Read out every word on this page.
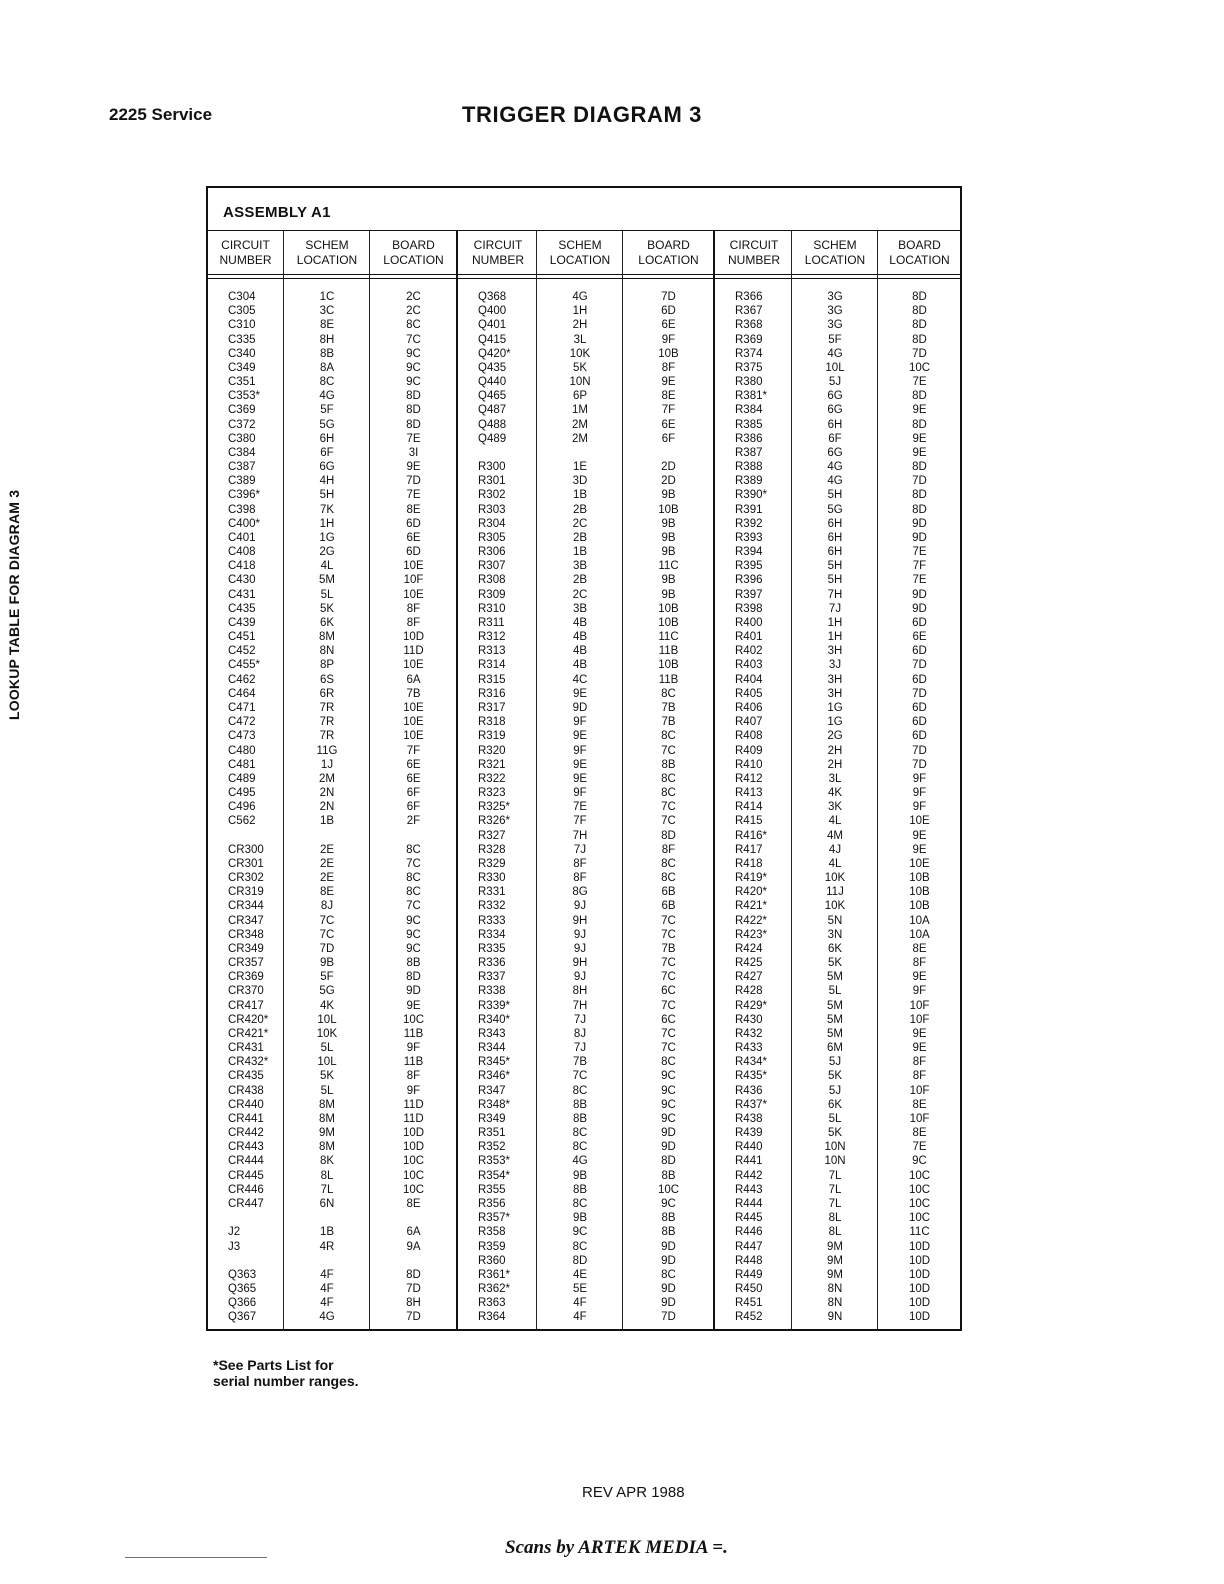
2225 Service	TRIGGER DIAGRAM 3
LOOKUP TABLE FOR DIAGRAM 3
ASSEMBLY A1
CIRCUIT
NUMBER
C304
C305
C310
C335
C340
C349
C351
C353*
C369
C372
C380
C384
C387
C389
C396*
C398
C400*
C401
C408
C418
C430
C431
C435
C439
C451
C452
C455*
C462
C464
C471
C472
C473
C480
C481
C489
C495
C496
C562
CR300
CR301
CR302
CR319
CR344
CR347
CR348
CR349
CR357
CR369
CR370
CR417
CR420*
CR421*
CR431
CR432*
CR435
CR438
CR440
CR441
CR442
CR443
CR444
CR445
CR446
CR447
J2
J3
Q363
Q365
Q366
Q367
SCHEM
LOCATION
1C
3C
8E
8H
8B
8A
8C
4G
5F
5G
6H
6F
6G
4H
5H
7K
1H
1G
2G
4L
5M
5L
5K
6K
8M
8N
8P
6S
6R
7R
7R
7R
11G
1J
2M
2N
2N
1B
2E
2E
2E
8E
8J
7C
7C
7D
9B
5F
5G
4K
10L
10K
5L
10L
5K
5L
8M
8M
9M
8M
8K
8L
7L
6N
1B
4R
4F
4F
4F
4G
BOARD
LOCATION
2C
2C
8C
7C
9C
9C
9C
8D
8D
8D
7E
3I
9E
7D
7E
8E
6D
6E
6D
10E
10F
10E
8F
8F
10D
11D
10E
6A
7B
10E
10E
10E
7F
6E
6E
6F
6F
2F
8C
7C
8C
8C
7C
9C
9C
9C
8B
8D
9D
9E
10C
11B
9F
11B
8F
9F
11D
11D
10D
10D
10C
10C
10C
8E
6A
9A
8D
7D
8H
7D
CIRCUIT
NUMBER
Q368
Q400
Q401
Q415
Q420*
Q435
Q440
Q465
Q487
Q488
Q489
R300
R301
R302
R303
R304
R305
R306
R307
R308
R309
R310
R311
R312
R313
R314
R315
R316
R317
R318
R319
R320
R321
R322
R323
R325*
R326*
R327
R328
R329
R330
R331
R332
R333
R334
R335
R336
R337
R338
R339*
R340*
R343
R344
R345*
R346*
R347
R348*
R349
R351
R352
R353*
R354*
R355
R356
R357*
R358
R359
R360
R361*
R362*
R363
R364
SCHEM
LOCATION
4G
1H
2H
3L
10K
5K
10N
6P
1M
2M
2M
1E
3D
1B
2B
2C
2B
1B
3B
2B
2C
3B
4B
4B
4B
4B
4C
9E
9D
9F
9E
9F
9E
9E
9F
7E
7F
7H
7J
8F
8F
8G
9J
9H
9J
9J
9H
9J
8H
7H
7J
8J
7J
7B
7C
8C
8B
8B
8C
8C
4G
9B
8B
8C
9B
9C
8C
8D
4E
5E
4F
4F
BOARD
LOCATION
7D
6D
6E
9F
10B
8F
9E
8E
7F
6E
6F
2D
2D
9B
10B
9B
9B
9B
11C
9B
9B
10B
10B
11C
11B
10B
11B
8C
7B
7B
8C
7C
8B
8C
8C
7C
7C
8D
8F
8C
8C
6B
6B
7C
7C
7B
7C
7C
6C
7C
6C
7C
7C
8C
9C
9C
9C
9C
9D
9D
8D
8B
10C
9C
8B
8B
9D
9D
8C
9D
9D
7D
CIRCUIT
NUMBER
R366
R367
R368
R369
R374
R375
R380
R381*
R384
R385
R386
R387
R388
R389
R390*
R391
R392
R393
R394
R395
R396
R397
R398
R400
R401
R402
R403
R404
R405
R406
R407
R408
R409
R410
R412
R413
R414
R415
R416*
R417
R418
R419*
R420*
R421*
R422*
R423*
R424
R425
R427
R428
R429*
R430
R432
R433
R434*
R435*
R436
R437*
R438
R439
R440
R441
R442
R443
R444
R445
R446
R447
R448
R449
R450
R451
R452
SCHEM
LOCATION
3G
3G
3G
5F
4G
10L
5J
6G
6G
6H
6F
6G
4G
4G
5H
5G
6H
6H
6H
5H
5H
7H
7J
1H
1H
3H
3J
3H
3H
1G
1G
2G
2H
2H
3L
4K
3K
4L
4M
4J
4L
10K
11J
10K
5N
3N
6K
5K
5M
5L
5M
5M
5M
6M
5J
5K
5J
6K
5L
5K
10N
10N
7L
7L
7L
8L
8L
9M
9M
9M
8N
8N
9N
BOARD
LOCATION
8D
8D
8D
8D
7D
10C
7E
8D
9E
8D
9E
9E
8D
7D
8D
8D
9D
9D
7E
7F
7E
9D
9D
6D
6E
6D
7D
6D
7D
6D
6D
6D
7D
7D
9F
9F
9F
10E
9E
9E
10E
10B
10B
10B
10A
10A
8E
8F
9E
9F
10F
10F
9E
9E
8F
8F
10F
8E
10F
8E
7E
9C
10C
10C
10C
10C
11C
10D
10D
10D
10D
10D
10D
*See Parts List for
serial number ranges.
REV APR 1988
Scans by ARTEK MEDIA =.
